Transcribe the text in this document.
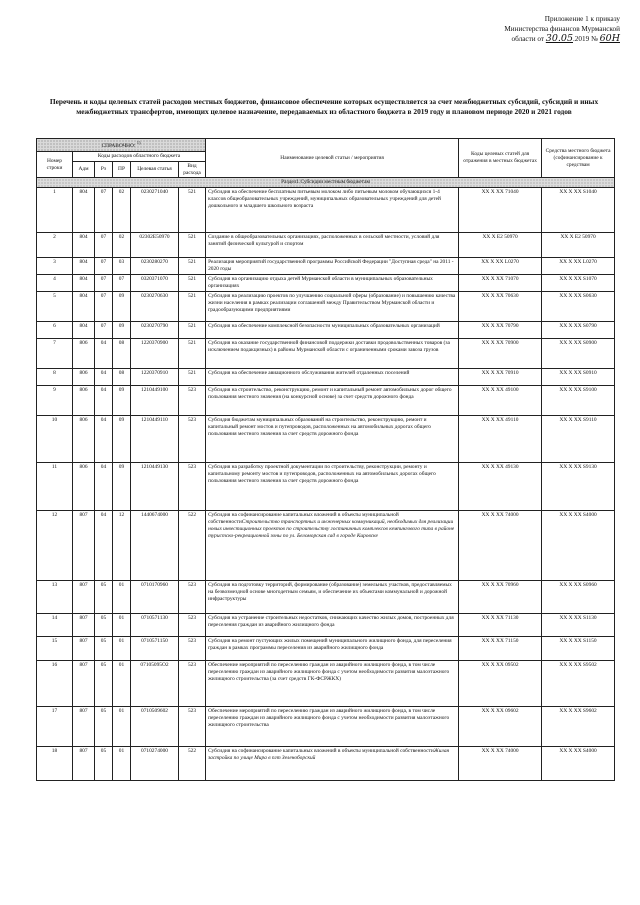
Приложение 1 к приказу
Министерства финансов Мурманской
области от 30.05.2019 № 60Н
Перечень и коды целевых статей расходов местных бюджетов, финансовое обеспечение которых осуществляется за счет межбюджетных субсидий, субсидий и иных межбюджетных трансфертов, имеющих целевое назначение, передаваемых из областного бюджета в 2019 году и плановом периоде 2020 и 2021 годов
СПРАВОЧНО: $^{1)}$						Наименование целевой статьи / мероприятия	Коды целевых статей для отражения в местных бюджетах	Средства местного бюджета (софинансирование к средствам
Номер строки	Коды расходов областного бюджета							
	Адм	Рз	ПР	Целевая статья	Вид расхода			
Раздел1.Субсидии местным бюджетам								
1	804	07	02	0230271040	521	Субсидия на обеспечение бесплатным питьевым молоком либо питьевым молоком обучающихся 1-4 классов общеобразовательных учреждений, муниципальных образовательных учреждений для детей дошкольного и младшего школьного возраста	XX X XX 71040	XX X XX S1040
2	804	07	02	02302E50970	521	Создание в общеобразовательных организациях, расположенных в сельской местности, условий для занятий физической культурой и спортом	XX X E2 50970	XX X E2 50970
3	804	07	03	0230280270	521	Реализация мероприятий государственной программы Российской Федерации "Доступная среда" на 2011 - 2020 годы	XX X XX L0270	XX X XX L0270
4	804	07	07	0320371070	521	Субсидия на организацию отдыха детей Мурманской области в муниципальных образовательных организациях	XX X XX 71070	XX X XX S1070
5	804	07	09	0230270630	521	Субсидия на реализацию проектов по улучшению социальной сферы (образование) и повышению качества жизни населения в рамках реализации соглашений между Правительством Мурманской области и градообразующими предприятиями	XX X XX 70630	XX X XX S0630
6	804	07	09	0230270790	521	Субсидия на обеспечение комплексной безопасности муниципальных образовательных организаций	XX X XX 70790	XX X XX S0790
7	806	04	08	1220370900	521	Субсидия на оказание государственной финансовой поддержки доставки продовольственных товаров (за исключением подакцизных) в районы Мурманской области с ограниченными сроками завоза грузов	XX X XX 70900	XX X XX S0900
8	806	04	08	1220370910	521	Субсидия на обеспечение авиационного обслуживания жителей отдаленных поселений	XX X XX 70910	XX X XX S0910
9	806	04	09	1210449100	523	Субсидия на строительство, реконструкцию, ремонт и капитальный ремонт автомобильных дорог общего пользования местного значения (на конкурсной основе) за счет средств дорожного фонда	XX X XX 49100	XX X XX S9100
10	806	04	09	1210449110	523	Субсидия бюджетам муниципальных образований на строительство, реконструкцию, ремонт и капитальный ремонт мостов и путепроводов, расположенных на автомобильных дорогах общего пользования местного значения за счет средств дорожного фонда	XX X XX 49110	XX X XX S9110
11	806	04	09	1210449130	523	Субсидия на разработку проектной документации по строительству, реконструкции, ремонту и капитальному ремонту мостов и путепроводов, расположенных на автомобильных дорогах общего пользования местного значения за счет средств дорожного фонда	XX X XX 49130	XX X XX S9130
12	807	04	12	1440674000	522	Субсидия на софинансирование капитальных вложений в объекты муниципальной собственностиСтроительство транспортных и инженерных коммуникаций, необходимых для реализации новых инвестиционных проектов по строительству гостиничных комплексов кемпингового типа в районе туристско-рекреационной зоны по ул. Беломорская сад в городе Кировске	XX X XX 74000	XX X XX S4000
13	807	05	01	0710170960	523	Субсидия на подготовку территорий, формирование (образование) земельных участков, предоставляемых на безвозмездной основе многодетным семьям, и обеспечение их объектами коммунальной и дорожной инфраструктуры	XX X XX 70960	XX X XX S0960
14	807	05	01	0710571130	523	Субсидия на устранение строительных недостатков, снижающих качество жилых домов, построенных для переселения граждан из аварийного жилищного фонда	XX X XX 71130	XX X XX S1130
15	807	05	01	0710571150	523	Субсидия на ремонт пустующих жилых помещений муниципального жилищного фонда, для переселения граждан в рамках программы переселения из аварийного жилищного фонда	XX X XX 71150	XX X XX S1150
16	807	05	01	07105095О2	523	Обеспечение мероприятий по переселению граждан из аварийного жилищного фонда, в том числе переселению граждан из аварийного жилищного фонда с учетом необходимости развития малоэтажного жилищного строительства (за счет средств ГК-ФСРЖКХ)	XX X XX 09502	XX X XX S9502
17	807	05	01	0710509602	523	Обеспечение мероприятий по переселению граждан из аварийного жилищного фонда, в том числе переселению граждан из аварийного жилищного фонда с учетом необходимости развития малоэтажного жилищного строительства	XX X XX 09602	XX X XX S9602
18	807	05	01	0710274000	522	Субсидия на софинансирование капитальных вложений в объекты муниципальной собственностиЖилая застройка по улице Мира в пгт Зеленоборский	XX X XX 74000	XX X XX S4000
